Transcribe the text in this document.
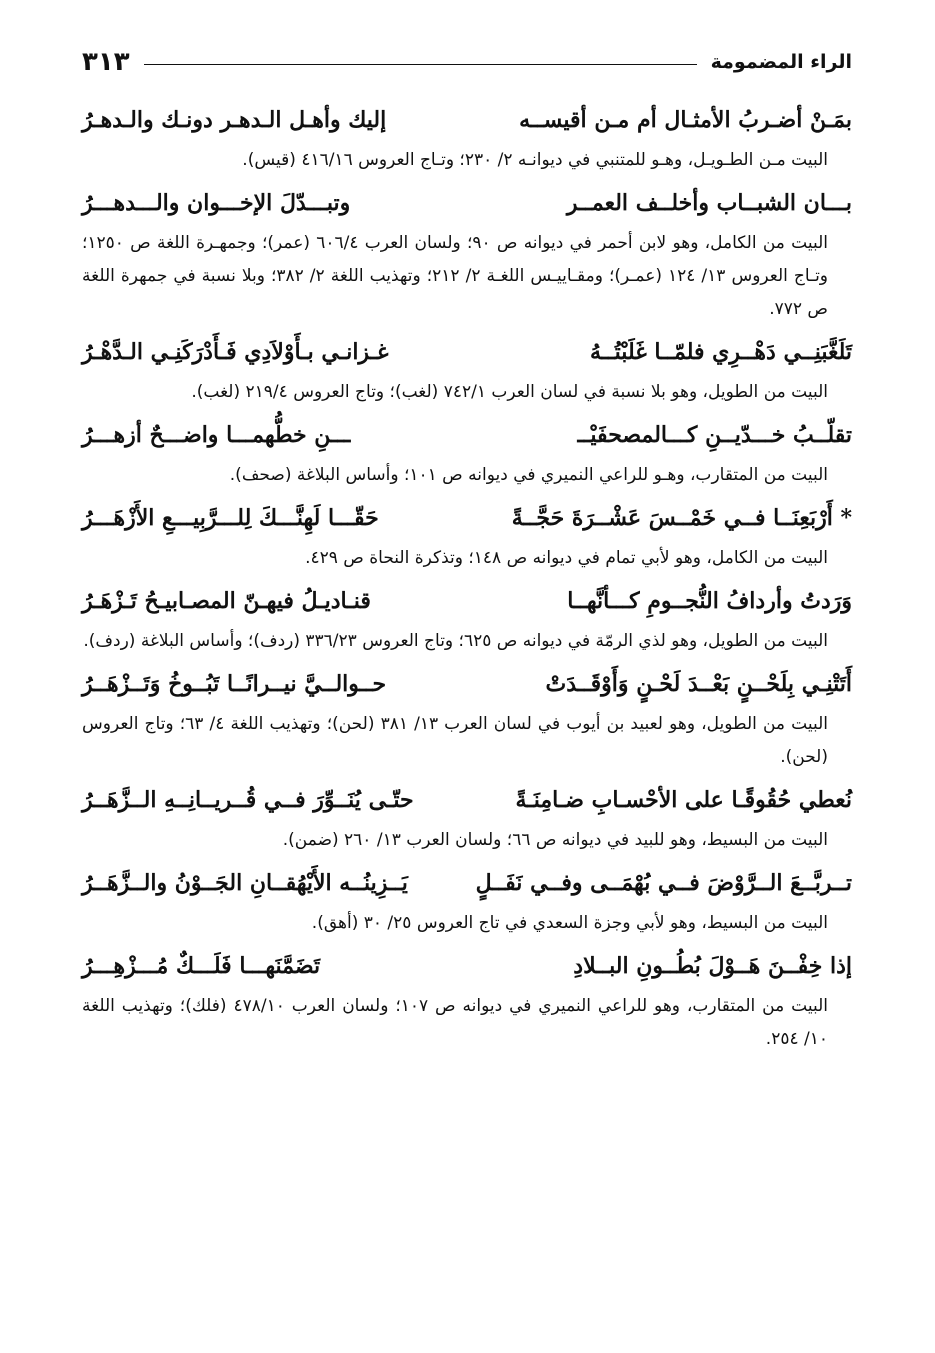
الراء المضمومة
٣١٣
بمَـنْ أضـربُ الأمثـال أم مـن أقيســه
إليك وأهـل الـدهـر دونـك والـدهـرُ
البيت مـن الطـويـل، وهـو للمتنبي في ديوانـه ٢/ ٢٣٠؛ وتـاج العروس ٤١٦/١٦ (قيس).
بـــان الشبــاب وأخلــف العمــر
وتبـــدّلَ الإخـــوان والـــدهـــرُ
البيت من الكامل، وهو لابن أحمر في ديوانه ص ٩٠؛ ولسان العرب ٦٠٦/٤ (عمر)؛ وجمهـرة اللغة ص ١٢٥٠؛ وتـاج العروس ١٣/ ١٢٤ (عمـر)؛ ومقـاييـس اللغـة ٢/ ٢١٢؛ وتهذيب اللغة ٢/ ٣٨٢؛ وبلا نسبة في جمهرة اللغة ص ٧٧٢.
تَلَغَّبَنِــي دَهْــرِي فلمّــا غَلَبْتُــهُ
غـزانـي بـأَوْلاَدِي فَـأَدْرَكَنِـي الـدَّهْـرُ
البيت من الطويل، وهو بلا نسبة في لسان العرب ٧٤٢/١ (لغب)؛ وتاج العروس ٢١٩/٤ (لغب).
تقلّــبُ خـــدّيــنِ كـــالمصحفَيْــ
ـــنِ خطُّهمـــا واضـــحٌ أزهـــرُ
البيت من المتقارب، وهـو للراعي النميري في ديوانه ص ١٠١؛ وأساس البلاغة (صحف).
* أَرْبَعِنَــا فــي خَمْــسَ عَشْــرَةَ حَجَّــةً
حَقّـــا لَهِنَّـــكَ لِلـــرَّبِيـــعِ الأَزْهَـــرُ
البيت من الكامل، وهو لأبي تمام في ديوانه ص ١٤٨؛ وتذكرة النحاة ص ٤٢٩.
وَرَدتُ وأردافُ النُّجــومِ كـــأنَّهــا
قنـاديـلُ فيهـنّ المصـابيـحُ تَـزْهَـرُ
البيت من الطويل، وهو لذي الرمّة في ديوانه ص ٦٢٥؛ وتاج العروس ٣٣٦/٢٣ (ردف)؛ وأساس البلاغة (ردف).
أَتَتْنِـي بِلَحْــنٍ بَعْــدَ لَحْـنٍ وَأَوْقَــدَتْ
حــوالــيَّ نيــرانًــا تَبُــوخُ وَتَــزْهَــرُ
البيت من الطويل، وهو لعبيد بن أيوب في لسان العرب ١٣/ ٣٨١ (لحن)؛ وتهذيب اللغة ٤/ ٦٣؛ وتاج العروس (لحن).
نُعطي حُقُوقًـا على الأحْسـابِ ضـامِنَـةً
حتّـى يُنَــوِّرَ فــي قُــريــانِــهِ الــزَّهَــرُ
البيت من البسيط، وهو للبيد في ديوانه ص ٦٦؛ ولسان العرب ١٣/ ٢٦٠ (ضمن).
تــربَّــعَ الــرَّوْضَ فــي بُهْمَــى وفــي نَفَــلٍ
يَــزِينُــه الأَيْهُقــانِ الجَــوْنُ والــزَّهَــرُ
البيت من البسيط، وهو لأبي وجزة السعدي في تاج العروس ٢٥/ ٣٠ (أهق).
إذا خِفْــنَ هَــوْلَ بُطُــونِ البــلادِ
تَضَمَّنَهـــا فَلَـــكٌ مُـــزْهِـــرُ
البيت من المتقارب، وهو للراعي النميري في ديوانه ص ١٠٧؛ ولسان العرب ٤٧٨/١٠ (فلك)؛ وتهذيب اللغة ١٠/ ٢٥٤.
